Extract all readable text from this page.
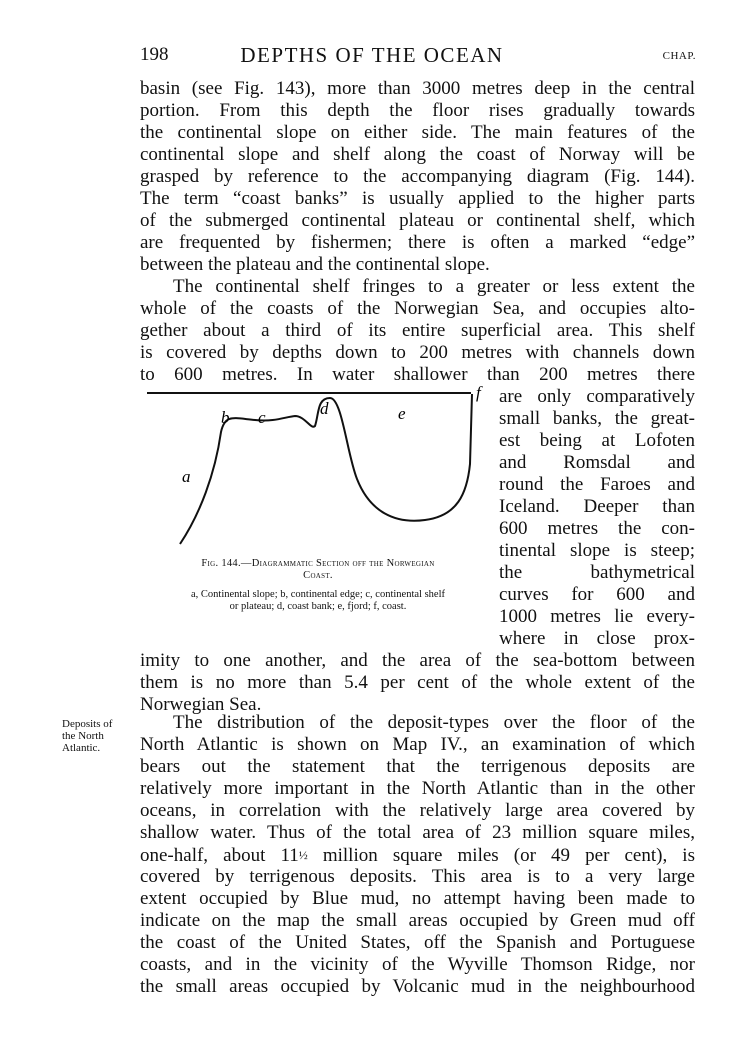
198	DEPTHS OF THE OCEAN	CHAP.
basin (see Fig. 143), more than 3000 metres deep in the central
portion. From this depth the floor rises gradually towards
the continental slope on either side. The main features of the
continental slope and shelf along the coast of Norway will be
grasped by reference to the accompanying diagram (Fig. 144).
The term “coast banks” is usually applied to the higher parts
of the submerged continental plateau or continental shelf, which
are frequented by fishermen; there is often a marked “edge”
between the plateau and the continental slope.
The continental shelf fringes to a greater or less extent the
whole of the coasts of the Norwegian Sea, and occupies alto-
gether about a third of its entire superficial area. This shelf
is covered by depths down to 200 metres with channels down
to 600 metres. In water shallower than 200 metres there
are only comparatively
small banks, the great-
est being at Lofoten
and Romsdal and
round the Faroes and
Iceland. Deeper than
600 metres the con-
tinental slope is steep;
the bathymetrical
curves for 600 and
1000 metres lie every-
where in close prox-
imity to one another, and the area of the sea-bottom between
them is no more than 5.4 per cent of the whole extent of the
Norwegian Sea.
a
b c	d	e
f
Fig. 144.—Diagrammatic Section off the Norwegian
Coast.
a, Continental slope; b, continental edge; c, continental shelf
or plateau; d, coast bank; e, fjord; f, coast.
Deposits of
the North
Atlantic.
The distribution of the deposit-types over the floor of the
North Atlantic is shown on Map IV., an examination of which
bears out the statement that the terrigenous deposits are
relatively more important in the North Atlantic than in the other
oceans, in correlation with the relatively large area covered by
shallow water. Thus of the total area of 23 million square miles,
one-half, about 11½ million square miles (or 49 per cent), is
covered by terrigenous deposits. This area is to a very large
extent occupied by Blue mud, no attempt having been made to
indicate on the map the small areas occupied by Green mud off
the coast of the United States, off the Spanish and Portuguese
coasts, and in the vicinity of the Wyville Thomson Ridge, nor
the small areas occupied by Volcanic mud in the neighbourhood
